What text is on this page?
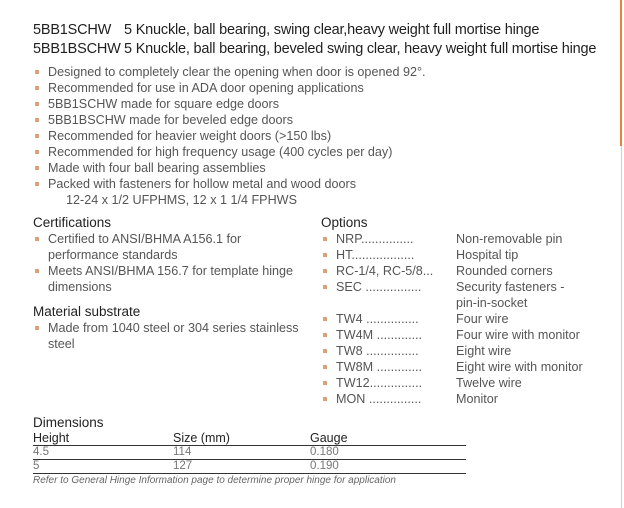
5BB1SCHW 5 Knuckle, ball bearing, swing clear,heavy weight full mortise hinge
5BB1BSCHW 5 Knuckle, ball bearing, beveled swing clear, heavy weight full mortise hinge
Designed to completely clear the opening when door is opened 92°.
Recommended for use in ADA door opening applications
5BB1SCHW made for square edge doors
5BB1BSCHW made for beveled edge doors
Recommended for heavier weight doors (>150 lbs)
Recommended for high frequency usage (400 cycles per day)
Made with four ball bearing assemblies
Packed with fasteners for hollow metal and wood doors
12-24 x 1/2 UFPHMS, 12 x 1 1/4 FPHWS
Certifications
Certified to ANSI/BHMA A156.1 for performance standards
Meets ANSI/BHMA 156.7 for template hinge dimensions
Material substrate
Made from 1040 steel or 304 series stainless steel
Options
NRP...............	Non-removable pin
HT..................	Hospital tip
RC-1/4, RC-5/8...	Rounded corners
SEC ................	Security fasteners -
pin-in-socket
TW4 ...............	Four wire
TW4M .............	Four wire with monitor
TW8 ...............	Eight wire
TW8M .............	Eight wire with monitor
TW12...............	Twelve wire
MON ...............	Monitor
Dimensions
Height	Size (mm)	Gauge
4.5	114	0.180
5	127	0.190
Refer to General Hinge Information page to determine proper hinge for application
